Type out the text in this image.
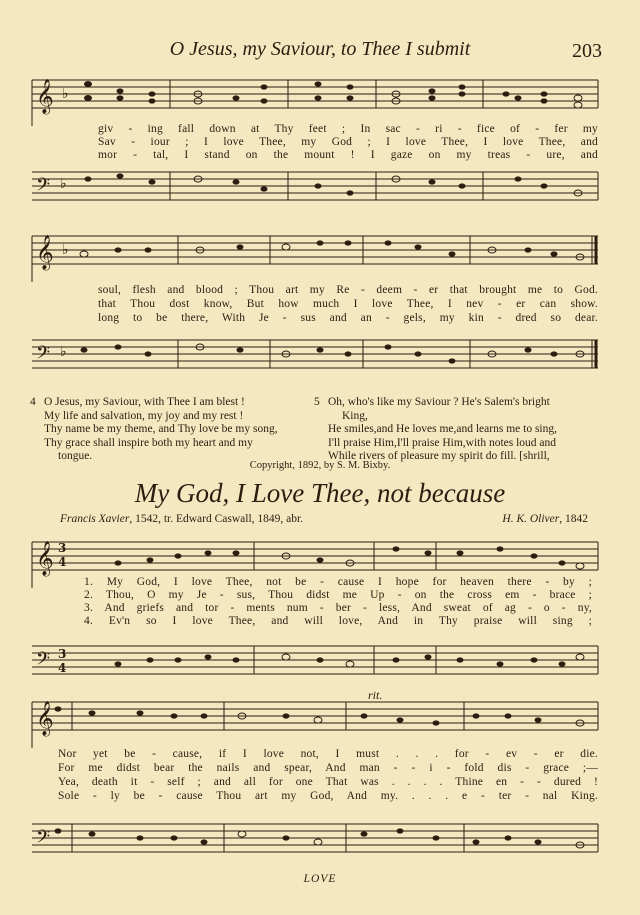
O Jesus, my Saviour, to Thee I submit	203
𝄞 ♭
giv - ing fall down at Thy feet ; In sac - ri - fice of - fer my
Sav - iour ; I love Thee, my God ; I love Thee, I love Thee, and
mor - tal, I stand on the mount ! I gaze on my treas - ure, and
𝄢 ♭
𝄞 ♭
soul, flesh and blood ; Thou art my Re - deem - er that brought me to God.
that Thou dost know, But how much I love Thee, I nev - er can show.
long to be there, With Je - sus and an - gels, my kin - dred so dear.
𝄢 ♭
4 O Jesus, my Saviour, with Thee I am blest !
My life and salvation, my joy and my rest !
Thy name be my theme, and Thy love be my song,
Thy grace shall inspire both my heart and my
tongue.
5 Oh, who's like my Saviour ? He's Salem's bright
King,
He smiles,and He loves me,and learns me to sing,
I'll praise Him,I'll praise Him,with notes loud and
While rivers of pleasure my spirit do fill. [shrill,
Copyright, 1892, by S. M. Bixby.
My God, I Love Thee, not because
Francis Xavier, 1542, tr. Edward Caswall, 1849, abr.	H. K. Oliver, 1842
𝄞 3
4
1. My God, I love Thee, not be - cause I hope for heaven there - by ;
2. Thou, O my Je - sus, Thou didst me Up - on the cross em - brace ;
3. And griefs and tor - ments num - ber - less, And sweat of ag - o - ny,
4. Ev'n so I love Thee, and will love, And in Thy praise will sing ;
𝄢 3
4
rit.
𝄞
Nor yet be - cause, if I love not, I must . . . for - ev - er die.
For me didst bear the nails and spear, And man - - i - fold dis - grace ;—
Yea, death it - self ; and all for one That was . . . . Thine en - - dured !
Sole - ly be - cause Thou art my God, And my. . . . e - ter - nal King.
𝄢
LOVE
